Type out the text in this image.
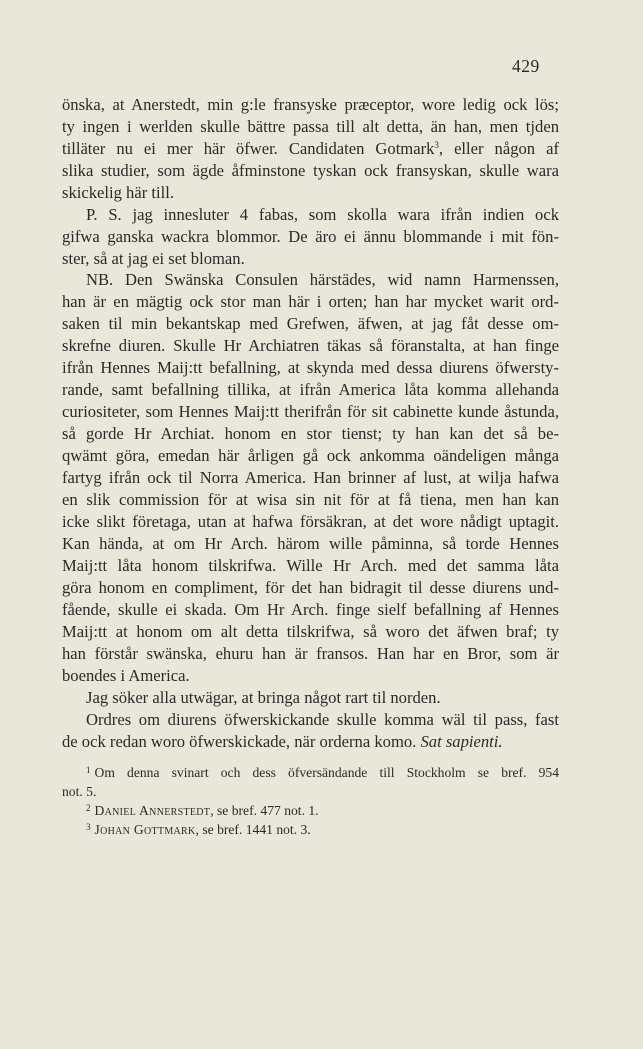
429
önska, at Anerstedt, min g:le fransyske præceptor, wore ledig ock lös;
ty ingen i werlden skulle bättre passa till alt detta, än han, men tjden
tilläter nu ei mer här öfwer. Candidaten Gotmark$^3$, eller någon af
slika studier, som ägde åfminstone tyskan ock fransyskan, skulle wara
skickelig här till.
P. S. jag innesluter 4 fabas, som skolla wara ifrån indien ock
gifwa ganska wackra blommor. De äro ei ännu blommande i mit fön-
ster, så at jag ei set bloman.
NB. Den Swänska Consulen härstädes, wid namn Harmenssen,
han är en mägtig ock stor man här i orten; han har mycket warit ord-
saken til min bekantskap med Grefwen, äfwen, at jag fåt desse om-
skrefne diuren. Skulle Hr Archiatren täkas så föranstalta, at han finge
ifrån Hennes Maij:tt befallning, at skynda med dessa diurens öfwersty-
rande, samt befallning tillika, at ifrån America låta komma allehanda
curiositeter, som Hennes Maij:tt therifrån för sit cabinette kunde åstunda,
så gorde Hr Archiat. honom en stor tienst; ty han kan det så be-
qwämt göra, emedan här årligen gå ock ankomma oändeligen många
fartyg ifrån ock til Norra America. Han brinner af lust, at wilja hafwa
en slik commission för at wisa sin nit för at få tiena, men han kan
icke slikt företaga, utan at hafwa försäkran, at det wore nådigt uptagit.
Kan hända, at om Hr Arch. härom wille påminna, så torde Hennes
Maij:tt låta honom tilskrifwa. Wille Hr Arch. med det samma låta
göra honom en compliment, för det han bidragit til desse diurens und-
fående, skulle ei skada. Om Hr Arch. finge sielf befallning af Hennes
Maij:tt at honom om alt detta tilskrifwa, så woro det äfwen braf; ty
han förstår swänska, ehuru han är fransos. Han har en Bror, som är
boendes i America.
Jag söker alla utwägar, at bringa något rart til norden.
Ordres om diurens öfwerskickande skulle komma wäl til pass, fast
de ock redan woro öfwerskickade, när orderna komo. Sat sapienti.
$^1$ Om denna svinart och dess öfversändande till Stockholm se bref. 954
not. 5.
$^2$ Daniel Annerstedt, se bref. 477 not. 1.
$^3$ Johan Gottmark, se bref. 1441 not. 3.
